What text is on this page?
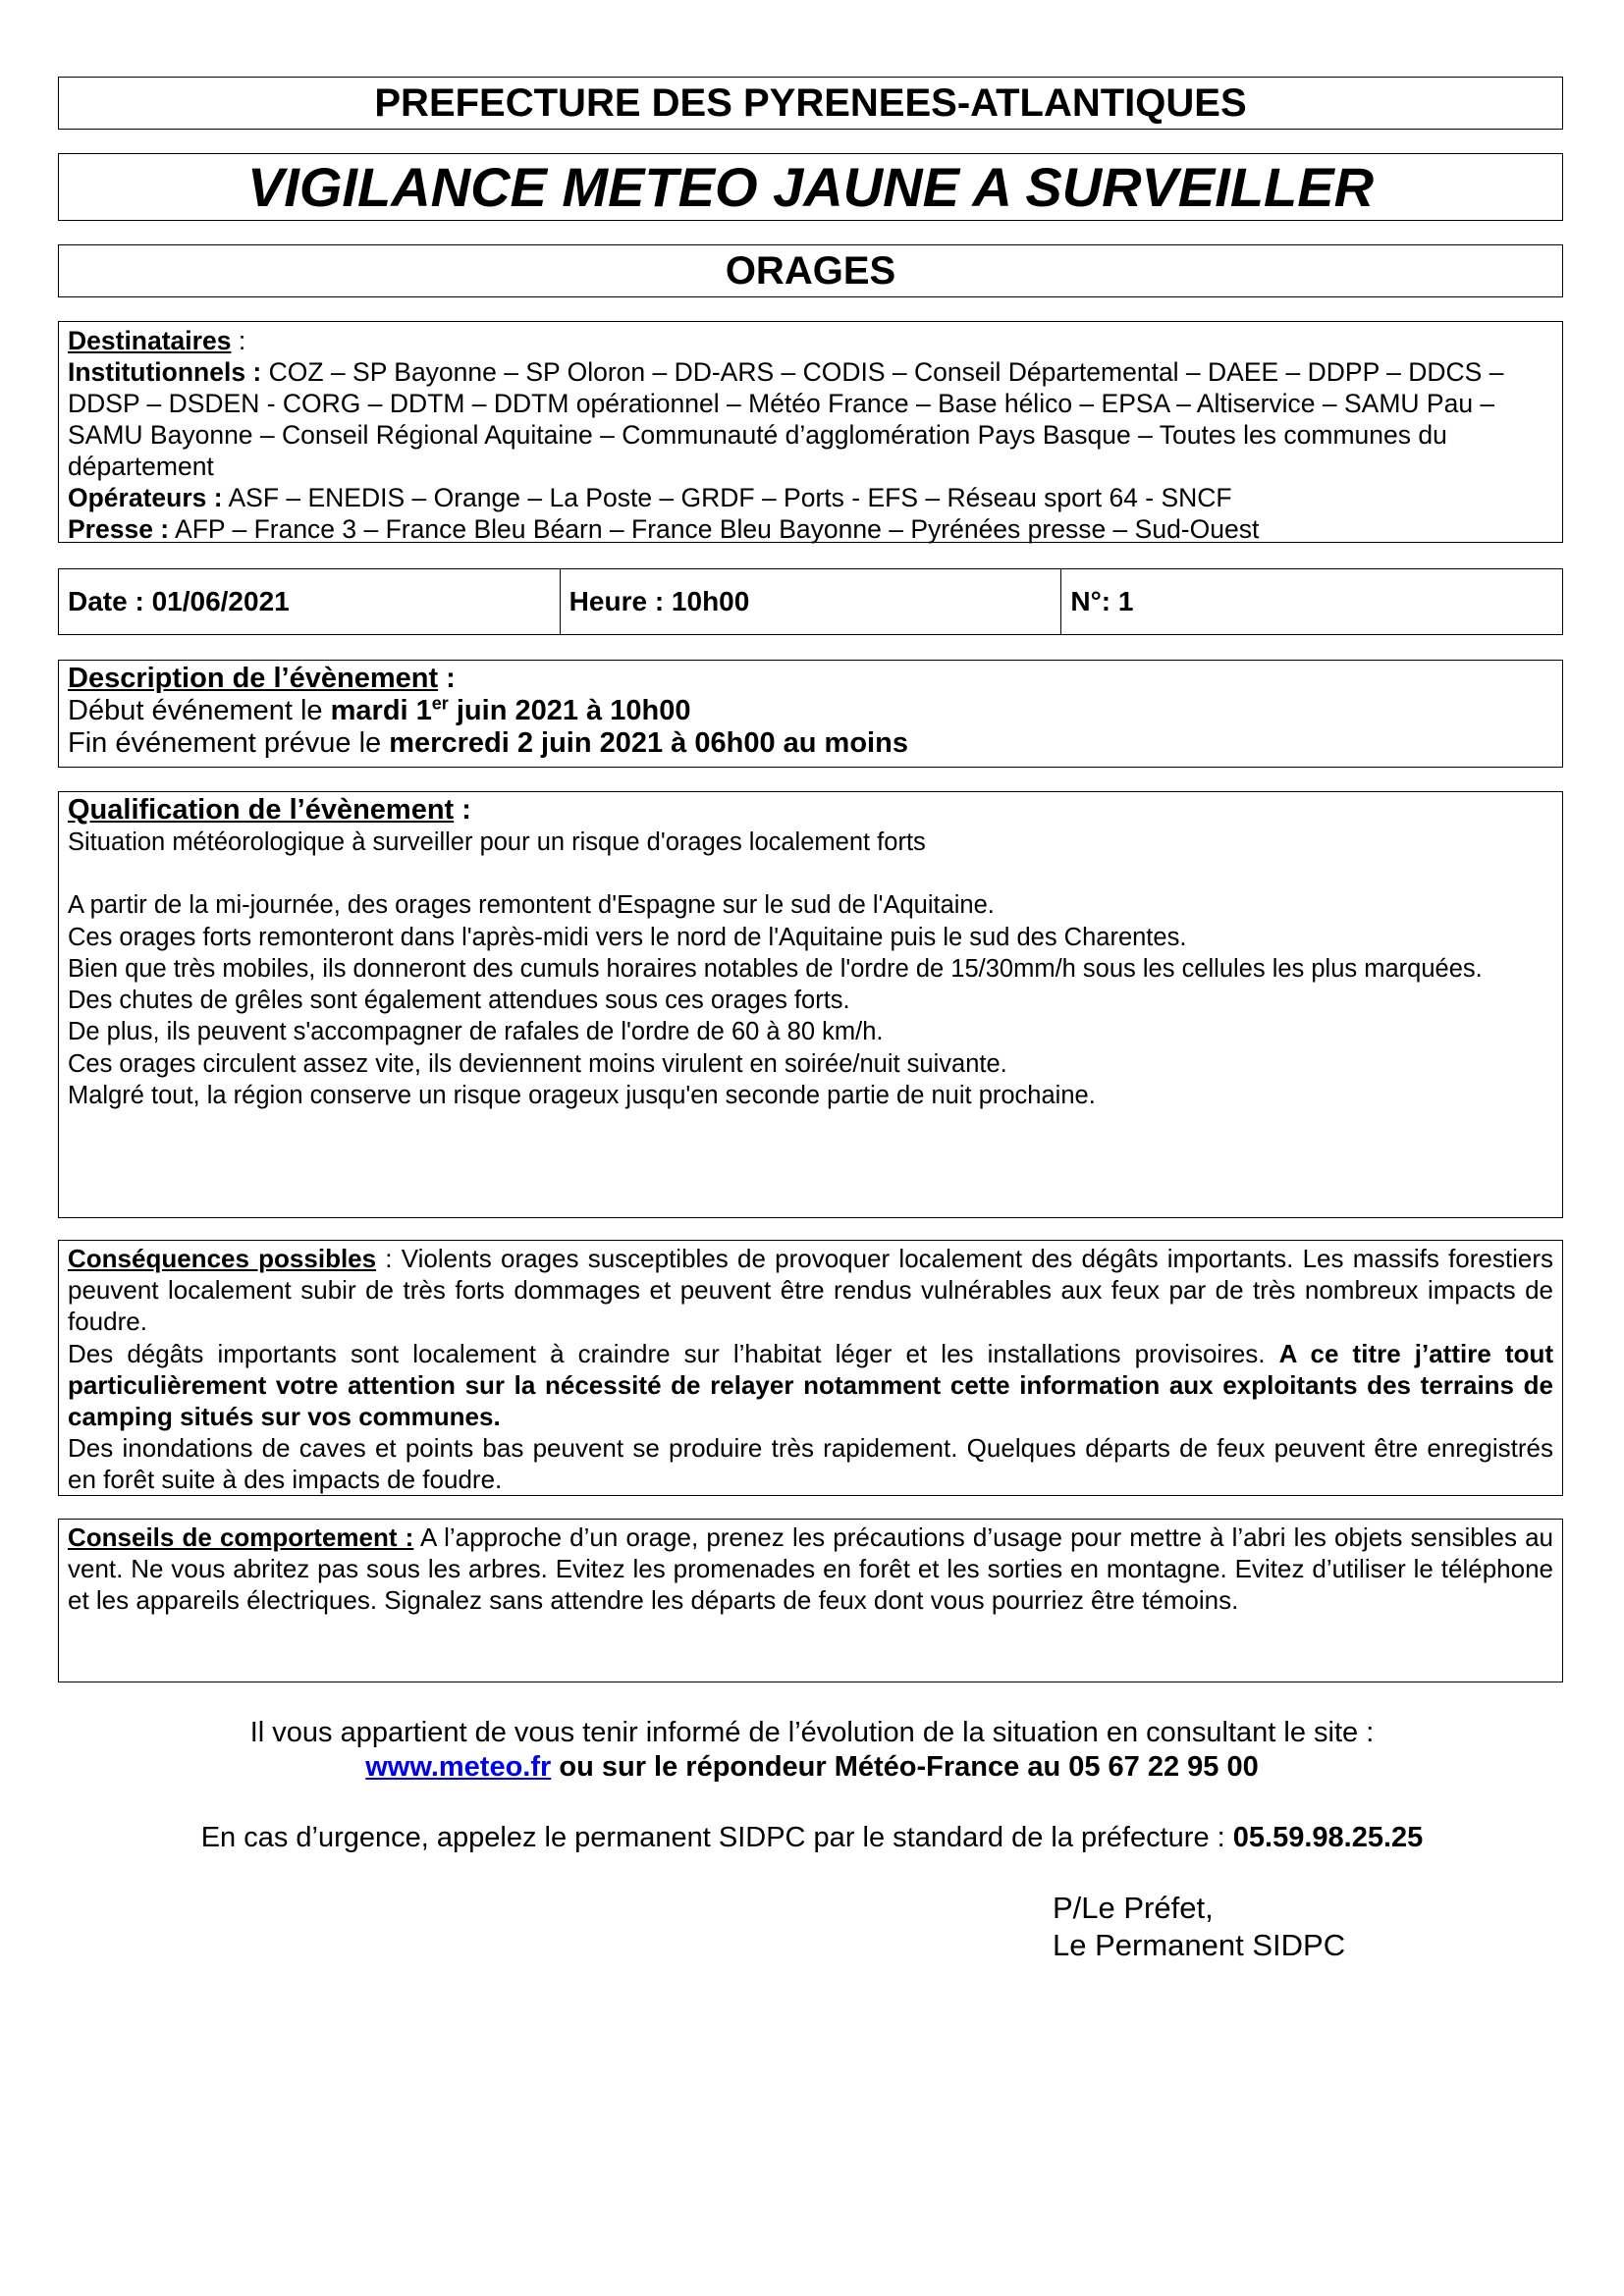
PREFECTURE DES PYRENEES-ATLANTIQUES
VIGILANCE METEO JAUNE A SURVEILLER
ORAGES
Destinataires :
Institutionnels : COZ – SP Bayonne – SP Oloron – DD-ARS – CODIS – Conseil Départemental – DAEE – DDPP – DDCS – DDSP – DSDEN - CORG – DDTM – DDTM opérationnel – Météo France – Base hélico – EPSA – Altiservice – SAMU Pau – SAMU Bayonne – Conseil Régional Aquitaine – Communauté d’agglomération Pays Basque – Toutes les communes du département
Opérateurs : ASF – ENEDIS – Orange – La Poste – GRDF – Ports - EFS – Réseau sport 64 - SNCF
Presse : AFP – France 3 – France Bleu Béarn – France Bleu Bayonne – Pyrénées presse – Sud-Ouest
Date : 01/06/2021	Heure : 10h00	N°: 1
Description de l’évènement :
Début événement le mardi 1er juin 2021 à 10h00
Fin événement prévue le mercredi 2 juin 2021 à 06h00 au moins
Qualification de l’évènement :
Situation météorologique à surveiller pour un risque d'orages localement forts
A partir de la mi-journée, des orages remontent d'Espagne sur le sud de l'Aquitaine.
Ces orages forts remonteront dans l'après-midi vers le nord de l'Aquitaine puis le sud des Charentes.
Bien que très mobiles, ils donneront des cumuls horaires notables de l'ordre de 15/30mm/h sous les cellules les plus marquées.
Des chutes de grêles sont également attendues sous ces orages forts.
De plus, ils peuvent s'accompagner de rafales de l'ordre de 60 à 80 km/h.
Ces orages circulent assez vite, ils deviennent moins virulent en soirée/nuit suivante.
Malgré tout, la région conserve un risque orageux jusqu'en seconde partie de nuit prochaine.
Conséquences possibles : Violents orages susceptibles de provoquer localement des dégâts importants. Les massifs forestiers peuvent localement subir de très forts dommages et peuvent être rendus vulnérables aux feux par de très nombreux impacts de foudre.
Des dégâts importants sont localement à craindre sur l’habitat léger et les installations provisoires. A ce titre j’attire tout particulièrement votre attention sur la nécessité de relayer notamment cette information aux exploitants des terrains de camping situés sur vos communes.
Des inondations de caves et points bas peuvent se produire très rapidement. Quelques départs de feux peuvent être enregistrés en forêt suite à des impacts de foudre.
Conseils de comportement : A l’approche d’un orage, prenez les précautions d’usage pour mettre à l’abri les objets sensibles au vent. Ne vous abritez pas sous les arbres. Evitez les promenades en forêt et les sorties en montagne. Evitez d’utiliser le téléphone et les appareils électriques. Signalez sans attendre les départs de feux dont vous pourriez être témoins.
Il vous appartient de vous tenir informé de l’évolution de la situation en consultant le site :
www.meteo.fr ou sur le répondeur Météo-France au 05 67 22 95 00
En cas d’urgence, appelez le permanent SIDPC par le standard de la préfecture : 05.59.98.25.25
P/Le Préfet,
Le Permanent SIDPC
